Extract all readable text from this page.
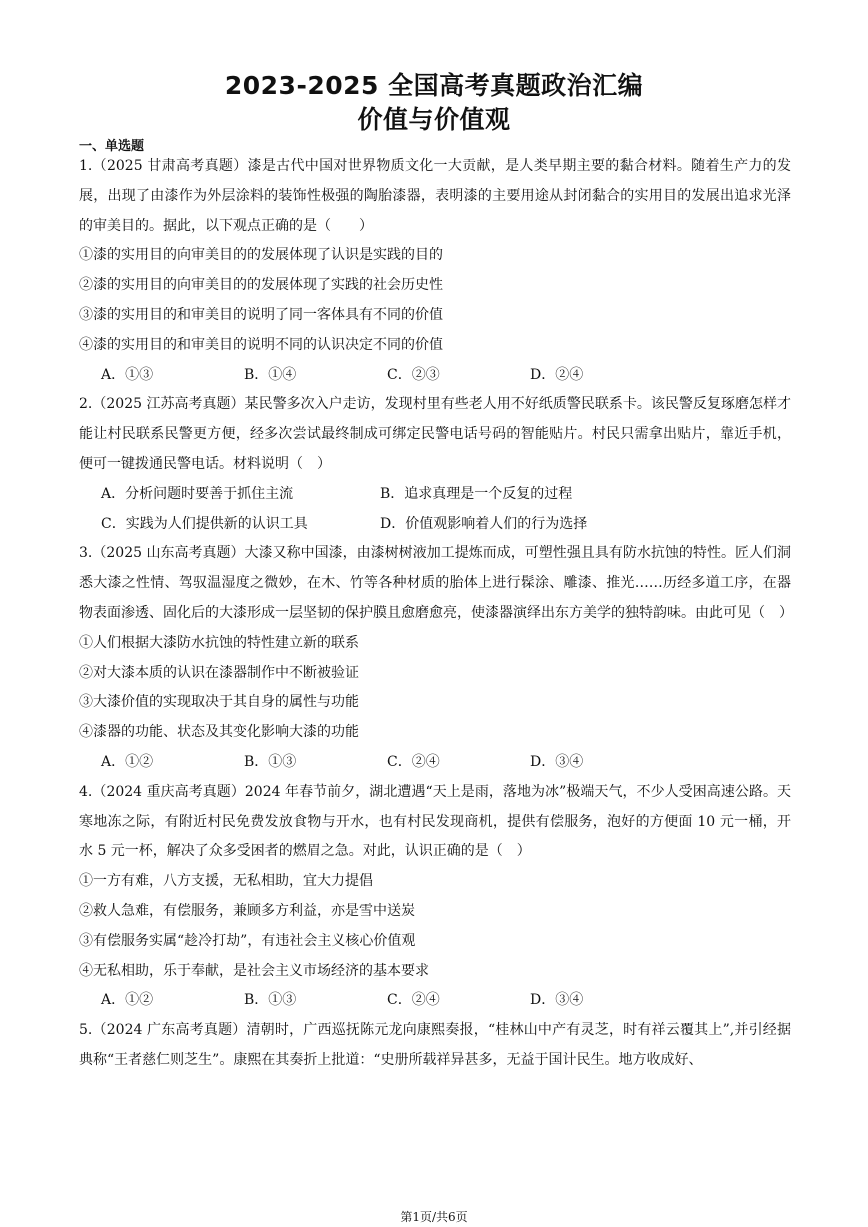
2023-2025 全国高考真题政治汇编
价值与价值观
一、单选题

1.（2025 甘肃高考真题）漆是古代中国对世界物质文化一大贡献，是人类早期主要的黏合材料。随着生产力的发展，出现了由漆作为外层涂料的装饰性极强的陶胎漆器，表明漆的主要用途从封闭黏合的实用目的发展出追求光泽的审美目的。据此，以下观点正确的是（　　）

①漆的实用目的向审美目的的发展体现了认识是实践的目的

②漆的实用目的向审美目的的发展体现了实践的社会历史性

③漆的实用目的和审美目的说明了同一客体具有不同的价值

④漆的实用目的和审美目的说明不同的认识决定不同的价值

A．①③	B．①④	C．②③	D．②④

2.（2025 江苏高考真题）某民警多次入户走访，发现村里有些老人用不好纸质警民联系卡。该民警反复琢磨怎样才能让村民联系民警更方便，经多次尝试最终制成可绑定民警电话号码的智能贴片。村民只需拿出贴片，靠近手机，便可一键拨通民警电话。材料说明（　）

A．分析问题时要善于抓住主流	B．追求真理是一个反复的过程
C．实践为人们提供新的认识工具	D．价值观影响着人们的行为选择

3.（2025 山东高考真题）大漆又称中国漆，由漆树树液加工提炼而成，可塑性强且具有防水抗蚀的特性。匠人们洞悉大漆之性情、驾驭温湿度之微妙，在木、竹等各种材质的胎体上进行髹涂、雕漆、推光……历经多道工序，在器物表面渗透、固化后的大漆形成一层坚韧的保护膜且愈磨愈亮，使漆器演绎出东方美学的独特韵味。由此可见（　）

①人们根据大漆防水抗蚀的特性建立新的联系

②对大漆本质的认识在漆器制作中不断被验证

③大漆价值的实现取决于其自身的属性与功能

④漆器的功能、状态及其变化影响大漆的功能

A．①②	B．①③	C．②④	D．③④

4.（2024 重庆高考真题）2024 年春节前夕，湖北遭遇“天上是雨，落地为冰”极端天气，不少人受困高速公路。天寒地冻之际，有附近村民免费发放食物与开水，也有村民发现商机，提供有偿服务，泡好的方便面 10 元一桶，开水 5 元一杯，解决了众多受困者的燃眉之急。对此，认识正确的是（　）

①一方有难，八方支援，无私相助，宜大力提倡

②救人急难，有偿服务，兼顾多方利益，亦是雪中送炭

③有偿服务实属“趁冷打劫”，有违社会主义核心价值观

④无私相助，乐于奉献，是社会主义市场经济的基本要求

A．①②	B．①③	C．②④	D．③④

5.（2024 广东高考真题）清朝时，广西巡抚陈元龙向康熙奏报，“桂林山中产有灵芝，时有祥云覆其上”,并引经据典称“王者慈仁则芝生”。康熙在其奏折上批道：“史册所载祥异甚多，无益于国计民生。地方收成好、

第1页/共6页
